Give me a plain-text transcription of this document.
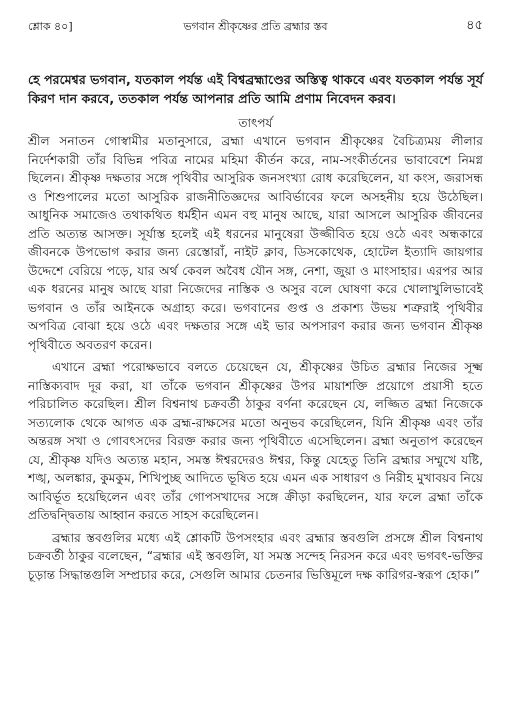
শ্লোক ৪০]	ভগবান শ্রীকৃষ্ণের প্রতি ব্রহ্মার স্তব	৪৫
হে পরমেশ্বর ভগবান, যতকাল পর্যন্ত এই বিশ্বব্রহ্মাণ্ডের অস্তিত্ব থাকবে এবং যতকাল পর্যন্ত সূর্য কিরণ দান করবে, ততকাল পর্যন্ত আপনার প্রতি আমি প্রণাম নিবেদন করব।
তাৎপর্য

শ্রীল সনাতন গোস্বামীর মতানুসারে, ব্রহ্মা এখানে ভগবান শ্রীকৃষ্ণের বৈচিত্র্যময় লীলার নির্দেশকারী তাঁর বিভিন্ন পবিত্র নামের মহিমা কীর্তন করে, নাম-সংকীর্তনের ভাবাবেশে নিমগ্ন ছিলেন। শ্রীকৃষ্ণ দক্ষতার সঙ্গে পৃথিবীর আসুরিক জনসংখ্যা রোধ করেছিলেন, যা কংস, জরাসন্ধ ও শিশুপালের মতো আসুরিক রাজনীতিজ্ঞদের আবির্ভাবের ফলে অসহনীয় হয়ে উঠেছিল। আধুনিক সমাজেও তথাকথিত ধর্মহীন এমন বহু মানুষ আছে, যারা আসলে আসুরিক জীবনের প্রতি অত্যন্ত আসক্ত। সূর্যাস্ত হলেই এই ধরনের মানুষেরা উজ্জীবিত হয়ে ওঠে এবং অন্ধকারে জীবনকে উপভোগ করার জন্য রেস্তোরাঁ, নাইট ক্লাব, ডিসকোথেক, হোটেল ইত্যাদি জায়গার উদ্দেশে বেরিয়ে পড়ে, যার অর্থ কেবল অবৈধ যৌন সঙ্গ, নেশা, জুয়া ও মাংসাহার। এরপর আর এক ধরনের মানুষ আছে যারা নিজেদের নাস্তিক ও অসুর বলে ঘোষণা করে খোলাখুলিভাবেই ভগবান ও তাঁর আইনকে অগ্রাহ্য করে। ভগবানের গুপ্ত ও প্রকাশ্য উভয় শত্রুরাই পৃথিবীর অপবিত্র বোঝা হয়ে ওঠে এবং দক্ষতার সঙ্গে এই ভার অপসারণ করার জন্য ভগবান শ্রীকৃষ্ণ পৃথিবীতে অবতরণ করেন।

এখানে ব্রহ্মা পরোক্ষভাবে বলতে চেয়েছেন যে, শ্রীকৃষ্ণের উচিত ব্রহ্মার নিজের সূক্ষ্ম নাস্তিক্যবাদ দূর করা, যা তাঁকে ভগবান শ্রীকৃষ্ণের উপর মায়াশক্তি প্রয়োগে প্রয়াসী হতে পরিচালিত করেছিল। শ্রীল বিশ্বনাথ চক্রবর্তী ঠাকুর বর্ণনা করেছেন যে, লজ্জিত ব্রহ্মা নিজেকে সত্যলোক থেকে আগত এক ব্রহ্ম-রাক্ষসের মতো অনুভব করেছিলেন, যিনি শ্রীকৃষ্ণ এবং তাঁর অন্তরঙ্গ সখা ও গোবৎসদের বিরক্ত করার জন্য পৃথিবীতে এসেছিলেন। ব্রহ্মা অনুতাপ করেছেন যে, শ্রীকৃষ্ণ যদিও অত্যন্ত মহান, সমস্ত ঈশ্বরদেরও ঈশ্বর, কিন্তু যেহেতু তিনি ব্রহ্মার সম্মুখে যষ্টি, শঙ্খ, অলঙ্কার, কুমকুম, শিখিপুচ্ছ আদিতে ভূষিত হয়ে এমন এক সাধারণ ও নিরীহ মুখাবয়ব নিয়ে আবির্ভূত হয়েছিলেন এবং তাঁর গোপসখাদের সঙ্গে ক্রীড়া করছিলেন, যার ফলে ব্রহ্মা তাঁকে প্রতিদ্বন্দ্বিতায় আহ্বান করতে সাহস করেছিলেন।

ব্রহ্মার স্তবগুলির মধ্যে এই শ্লোকটি উপসংহার এবং ব্রহ্মার স্তবগুলি প্রসঙ্গে শ্রীল বিশ্বনাথ চক্রবর্তী ঠাকুর বলেছেন, “ব্রহ্মার এই স্তবগুলি, যা সমস্ত সন্দেহ নিরসন করে এবং ভগবৎ-ভক্তির চূড়ান্ত সিদ্ধান্তগুলি সম্প্রচার করে, সেগুলি আমার চেতনার ভিত্তিমূলে দক্ষ কারিগর-স্বরূপ হোক।”
